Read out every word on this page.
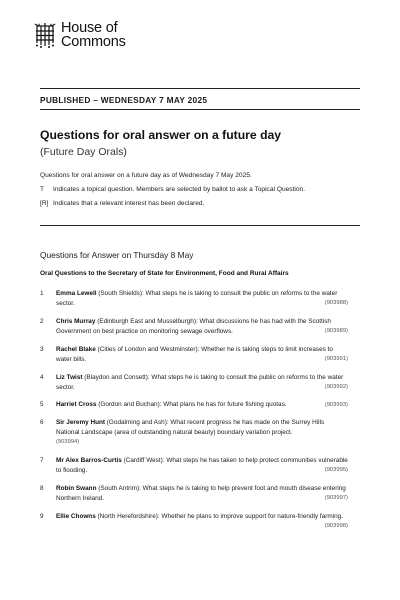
House of
Commons
PUBLISHED – WEDNESDAY 7 MAY 2025
Questions for oral answer on a future day
(Future Day Orals)
Questions for oral answer on a future day as of Wednesday 7 May 2025.
T	Indicates a topical question. Members are selected by ballot to ask a Topical Question.
[R] Indicates that a relevant interest has been declared.
Questions for Answer on Thursday 8 May
Oral Questions to the Secretary of State for Environment, Food and Rural Affairs
1 Emma Lewell (South Shields): What steps he is taking to consult the public on reforms to the water sector.	(903988)
2 Chris Murray (Edinburgh East and Musselburgh): What discussions he has had with the Scottish Government on best practice on monitoring sewage overflows.	(903989)
3 Rachel Blake (Cities of London and Westminster): Whether he is taking steps to limit increases to water bills.	(903991)
4 Liz Twist (Blaydon and Consett): What steps he is taking to consult the public on reforms to the water sector.	(903992)
5 Harriet Cross (Gordon and Buchan): What plans he has for future fishing quotas.	(903993)
6 Sir Jeremy Hunt (Godalming and Ash): What recent progress he has made on the Surrey Hills National Landscape (area of outstanding natural beauty) boundary variation project.
(903994)
7 Mr Alex Barros-Curtis (Cardiff West): What steps he has taken to help protect communities vulnerable to flooding.	(903995)
8 Robin Swann (South Antrim): What steps he is taking to help prevent foot and mouth disease entering Northern Ireland.	(903997)
9 Ellie Chowns (North Herefordshire): Whether he plans to improve support for nature-friendly farming.
(903998)
